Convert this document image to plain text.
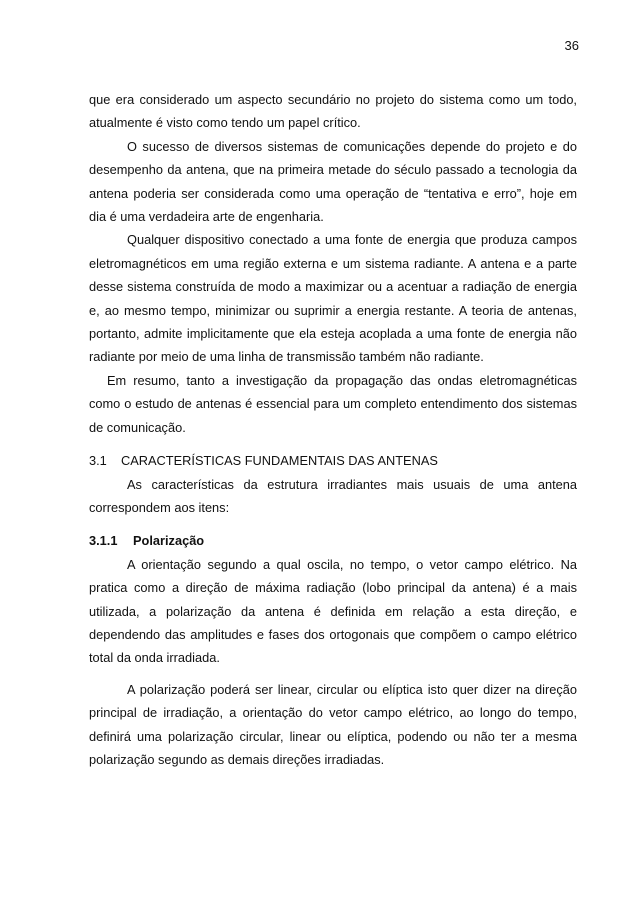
36

que era considerado um aspecto secundário no projeto do sistema como um todo, atualmente é visto como tendo um papel crítico.

O sucesso de diversos sistemas de comunicações depende do projeto e do desempenho da antena, que na primeira metade do século passado a tecnologia da antena poderia ser considerada como uma operação de “tentativa e erro”, hoje em dia é uma verdadeira arte de engenharia.

Qualquer dispositivo conectado a uma fonte de energia que produza campos eletromagnéticos em uma região externa e um sistema radiante. A antena e a parte desse sistema construída de modo a maximizar ou a acentuar a radiação de energia e, ao mesmo tempo, minimizar ou suprimir a energia restante. A teoria de antenas, portanto, admite implicitamente que ela esteja acoplada a uma fonte de energia não radiante por meio de uma linha de transmissão também não radiante.

Em resumo, tanto a investigação da propagação das ondas eletromagnéticas como o estudo de antenas é essencial para um completo entendimento dos sistemas de comunicação.

3.1 CARACTERÍSTICAS FUNDAMENTAIS DAS ANTENAS

As características da estrutura irradiantes mais usuais de uma antena correspondem aos itens:

3.1.1 Polarização

A orientação segundo a qual oscila, no tempo, o vetor campo elétrico. Na pratica como a direção de máxima radiação (lobo principal da antena) é a mais utilizada, a polarização da antena é definida em relação a esta direção, e dependendo das amplitudes e fases dos ortogonais que compõem o campo elétrico total da onda irradiada.

A polarização poderá ser linear, circular ou elíptica isto quer dizer na direção principal de irradiação, a orientação do vetor campo elétrico, ao longo do tempo, definirá uma polarização circular, linear ou elíptica, podendo ou não ter a mesma polarização segundo as demais direções irradiadas.
